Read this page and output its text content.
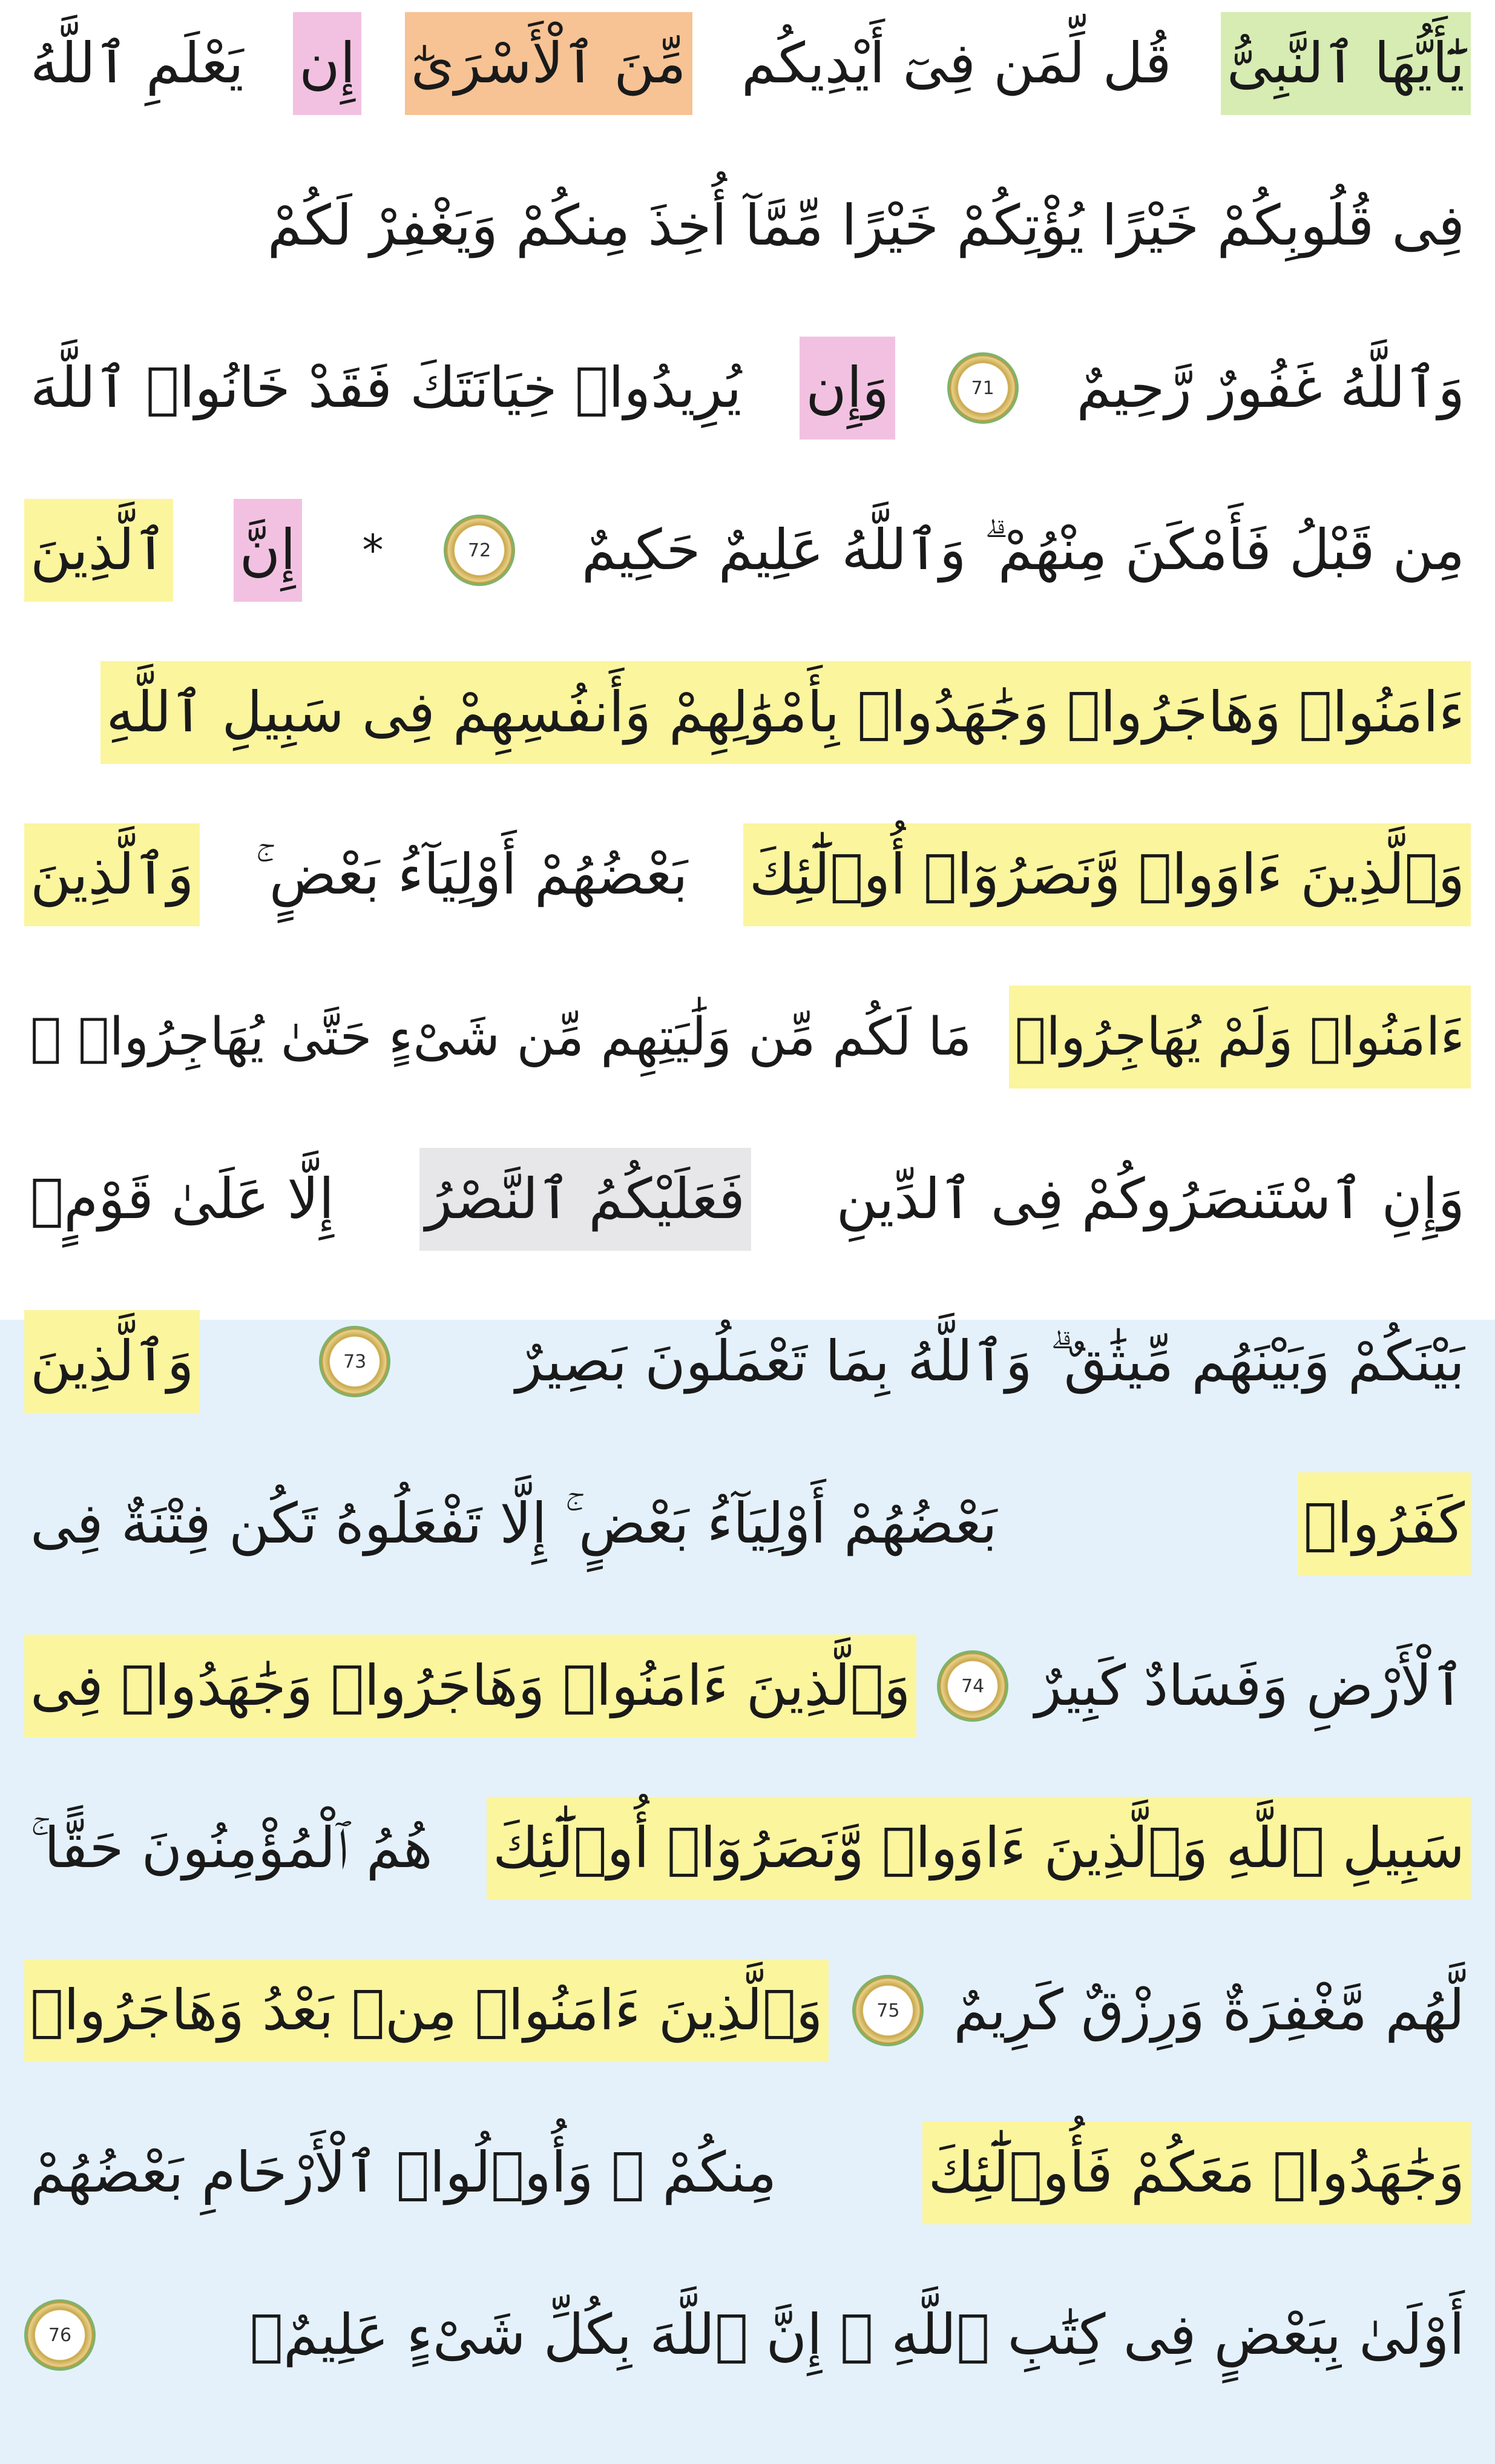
يَٰٓأَيُّهَا ٱلنَّبِىُّ
قُل لِّمَن فِىٓ أَيْدِيكُم
مِّنَ ٱلْأَسْرَىٰٓ
إِن
يَعْلَمِ ٱللَّهُ
فِى قُلُوبِكُمْ خَيْرًا يُؤْتِكُمْ خَيْرًا مِّمَّآ أُخِذَ مِنكُمْ وَيَغْفِرْ لَكُمْ
وَٱللَّهُ غَفُورٌ رَّحِيمٌ
71
وَإِن
يُرِيدُوا۟ خِيَانَتَكَ فَقَدْ خَانُوا۟ ٱللَّهَ
مِن قَبْلُ فَأَمْكَنَ مِنْهُمْ ۗ وَٱللَّهُ عَلِيمٌ حَكِيمٌ
72
*
إِنَّ
ٱلَّذِينَ
ءَامَنُوا۟ وَهَاجَرُوا۟ وَجَٰهَدُوا۟ بِأَمْوَٰلِهِمْ وَأَنفُسِهِمْ فِى سَبِيلِ ٱللَّهِ
وَٱلَّذِينَ ءَاوَوا۟ وَّنَصَرُوٓا۟ أُو۟لَٰٓئِكَ
بَعْضُهُمْ أَوْلِيَآءُ بَعْضٍ ۚ
وَٱلَّذِينَ
ءَامَنُوا۟ وَلَمْ يُهَاجِرُوا۟
مَا لَكُم مِّن وَلَٰيَتِهِم مِّن شَىْءٍ حَتَّىٰ يُهَاجِرُوا۟ ۚ
وَإِنِ ٱسْتَنصَرُوكُمْ فِى ٱلدِّينِ
فَعَلَيْكُمُ ٱلنَّصْرُ
إِلَّا عَلَىٰ قَوْمٍۭ
بَيْنَكُمْ وَبَيْنَهُم مِّيثَٰقٌ ۗ وَٱللَّهُ بِمَا تَعْمَلُونَ بَصِيرٌ
73
وَٱلَّذِينَ
كَفَرُوا۟
بَعْضُهُمْ أَوْلِيَآءُ بَعْضٍ ۚ إِلَّا تَفْعَلُوهُ تَكُن فِتْنَةٌ فِى
ٱلْأَرْضِ وَفَسَادٌ كَبِيرٌ
74
وَٱلَّذِينَ ءَامَنُوا۟ وَهَاجَرُوا۟ وَجَٰهَدُوا۟ فِى
سَبِيلِ ٱللَّهِ وَٱلَّذِينَ ءَاوَوا۟ وَّنَصَرُوٓا۟ أُو۟لَٰٓئِكَ
هُمُ ٱلْمُؤْمِنُونَ حَقًّا ۚ
لَّهُم مَّغْفِرَةٌ وَرِزْقٌ كَرِيمٌ
75
وَٱلَّذِينَ ءَامَنُوا۟ مِنۢ بَعْدُ وَهَاجَرُوا۟
وَجَٰهَدُوا۟ مَعَكُمْ فَأُو۟لَٰٓئِكَ
مِنكُمْ ۚ وَأُو۟لُوا۟ ٱلْأَرْحَامِ بَعْضُهُمْ
أَوْلَىٰ بِبَعْضٍ فِى كِتَٰبِ ٱللَّهِ ۗ إِنَّ ٱللَّهَ بِكُلِّ شَىْءٍ عَلِيمٌۢ
76
